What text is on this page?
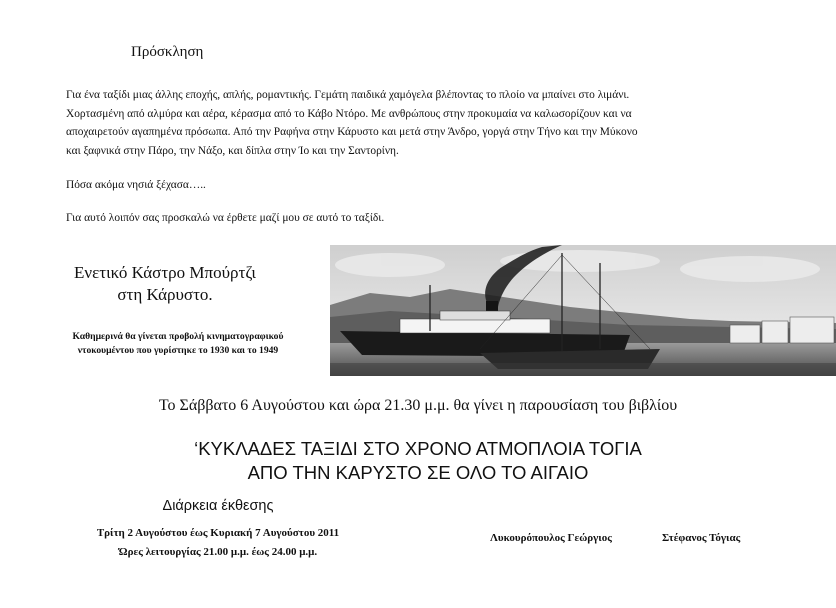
Πρόσκληση

Για ένα ταξίδι μιας άλλης εποχής, απλής, ρομαντικής. Γεμάτη παιδικά χαμόγελα βλέποντας το πλοίο να μπαίνει στο λιμάνι.

Χορτασμένη από αλμύρα και αέρα, κέρασμα από το Κάβο Ντόρο. Με ανθρώπους στην προκυμαία να καλωσορίζουν και να

αποχαιρετούν αγαπημένα πρόσωπα. Από την Ραφήνα στην Κάρυστο και μετά στην Άνδρο, γοργά στην Τήνο και την Μύκονο

και ξαφνικά στην Πάρο, την Νάξο, και δίπλα στην Ίο και την Σαντορίνη.

Πόσα ακόμα νησιά ξέχασα…..
Για αυτό λοιπόν σας προσκαλώ να έρθετε μαζί μου σε αυτό το ταξίδι.
Ενετικό Κάστρο Μπούρτζι
στη Κάρυστο.
Καθημερινά θα γίνεται προβολή κινηματογραφικού
ντοκουμέντου που γυρίστηκε το 1930 και το 1949
Το Σάββατο 6 Αυγούστου και ώρα 21.30 μ.μ. θα γίνει η παρουσίαση του βιβλίου
‘ΚΥΚΛΑΔΕΣ ΤΑΞΙΔΙ ΣΤΟ ΧΡΟΝΟ ΑΤΜΟΠΛΟΙΑ ΤΟΓΙΑ
ΑΠΟ ΤΗΝ ΚΑΡΥΣΤΟ ΣΕ ΟΛΟ ΤΟ ΑΙΓΑΙΟ
Διάρκεια έκθεσης
Τρίτη 2 Αυγούστου έως Κυριακή 7 Αυγούστου 2011
Ώρες λειτουργίας 21.00 μ.μ. έως 24.00 μ.μ.
Λυκουρόπουλος Γεώργιος	Στέφανος Τόγιας
